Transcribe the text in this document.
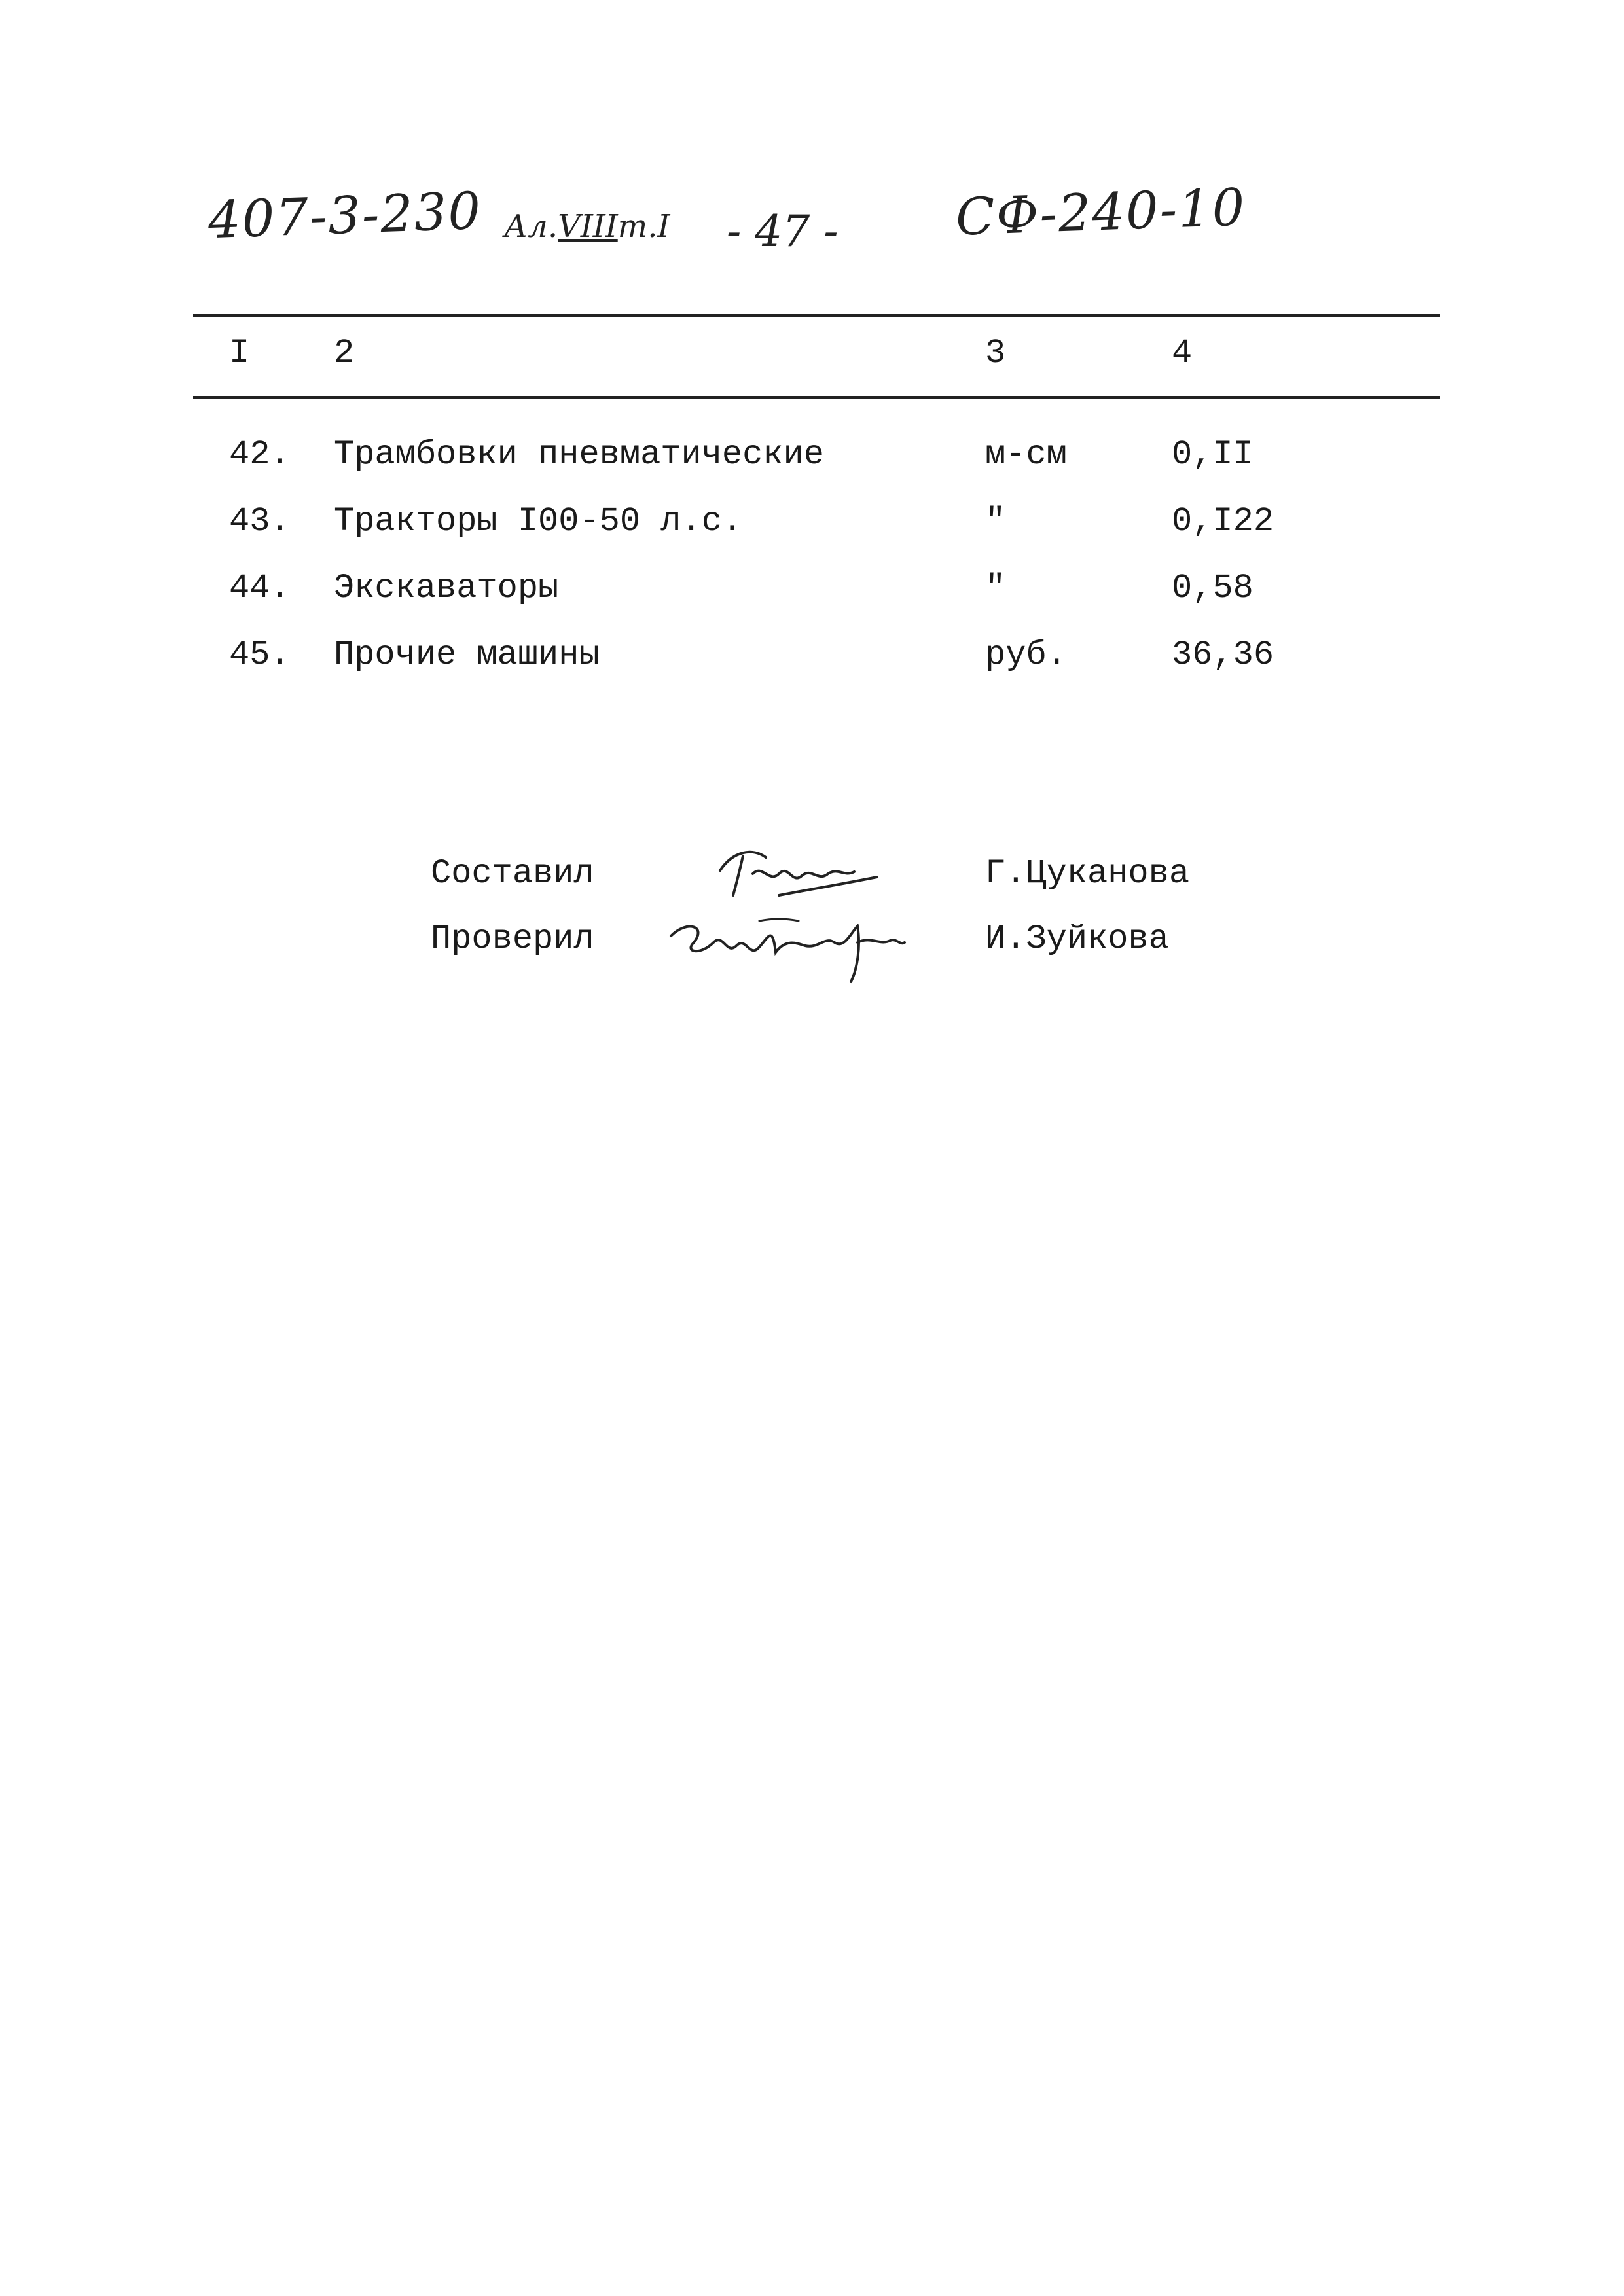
407-3-230 Ал.VIIIт.I - 47 - СФ-240-10
I 2	3	4
42. Трамбовки пневматические	м-см	0,II
43. Тракторы I00-50 л.с.	"	0,I22
44. Экскаваторы	"	0,58
45. Прочие машины	руб.	36,36
Составил	Г.Цуканова
Проверил	И.Зуйкова
